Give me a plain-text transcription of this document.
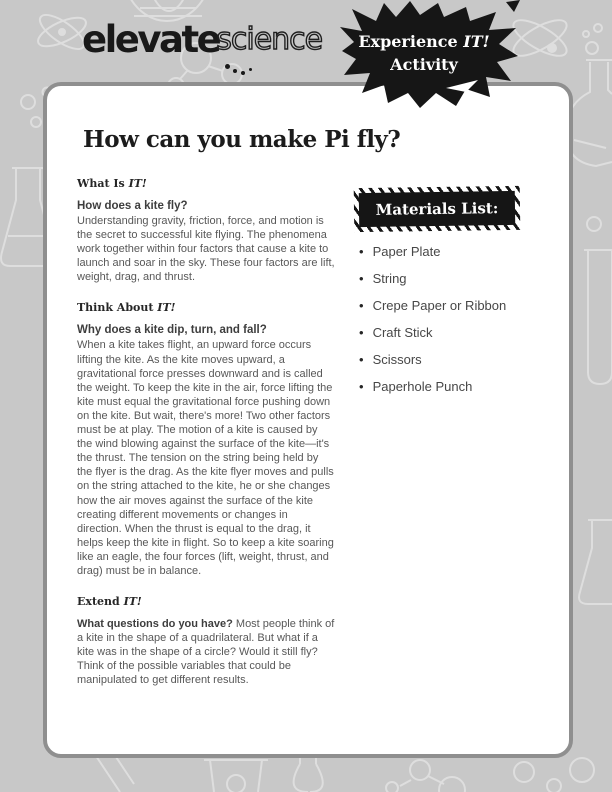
elevatescience	Experience IT!
Activity
How can you make Pi fly?
What Is IT!

How does a kite fly?

Understanding gravity, friction, force, and motion is the secret to successful kite flying. The phenomena work together within four factors that cause a kite to launch and soar in the sky. These four factors are lift, weight, drag, and thrust.

Think About IT!

Why does a kite dip, turn, and fall?

When a kite takes flight, an upward force occurs lifting the kite. As the kite moves upward, a gravitational force presses downward and is called the weight. To keep the kite in the air, force lifting the kite must equal the gravitational force pushing down on the kite. But wait, there's more! Two other factors must be at play. The motion of a kite is caused by the wind blowing against the surface of the kite—it's the thrust. The tension on the string being held by the flyer is the drag. As the kite flyer moves and pulls on the string attached to the kite, he or she changes how the air moves against the surface of the kite creating different movements or changes in direction. When the thrust is equal to the drag, it helps keep the kite in flight. So to keep a kite soaring like an eagle, the four forces (lift, weight, thrust, and drag) must be in balance.

Extend IT!

What questions do you have? Most people think of a kite in the shape of a quadrilateral. But what if a kite was in the shape of a circle? Would it still fly? Think of the possible variables that could be manipulated to get different results.

Materials List:
• Paper Plate
• String
• Crepe Paper or Ribbon
• Craft Stick
• Scissors
• Paperhole Punch
